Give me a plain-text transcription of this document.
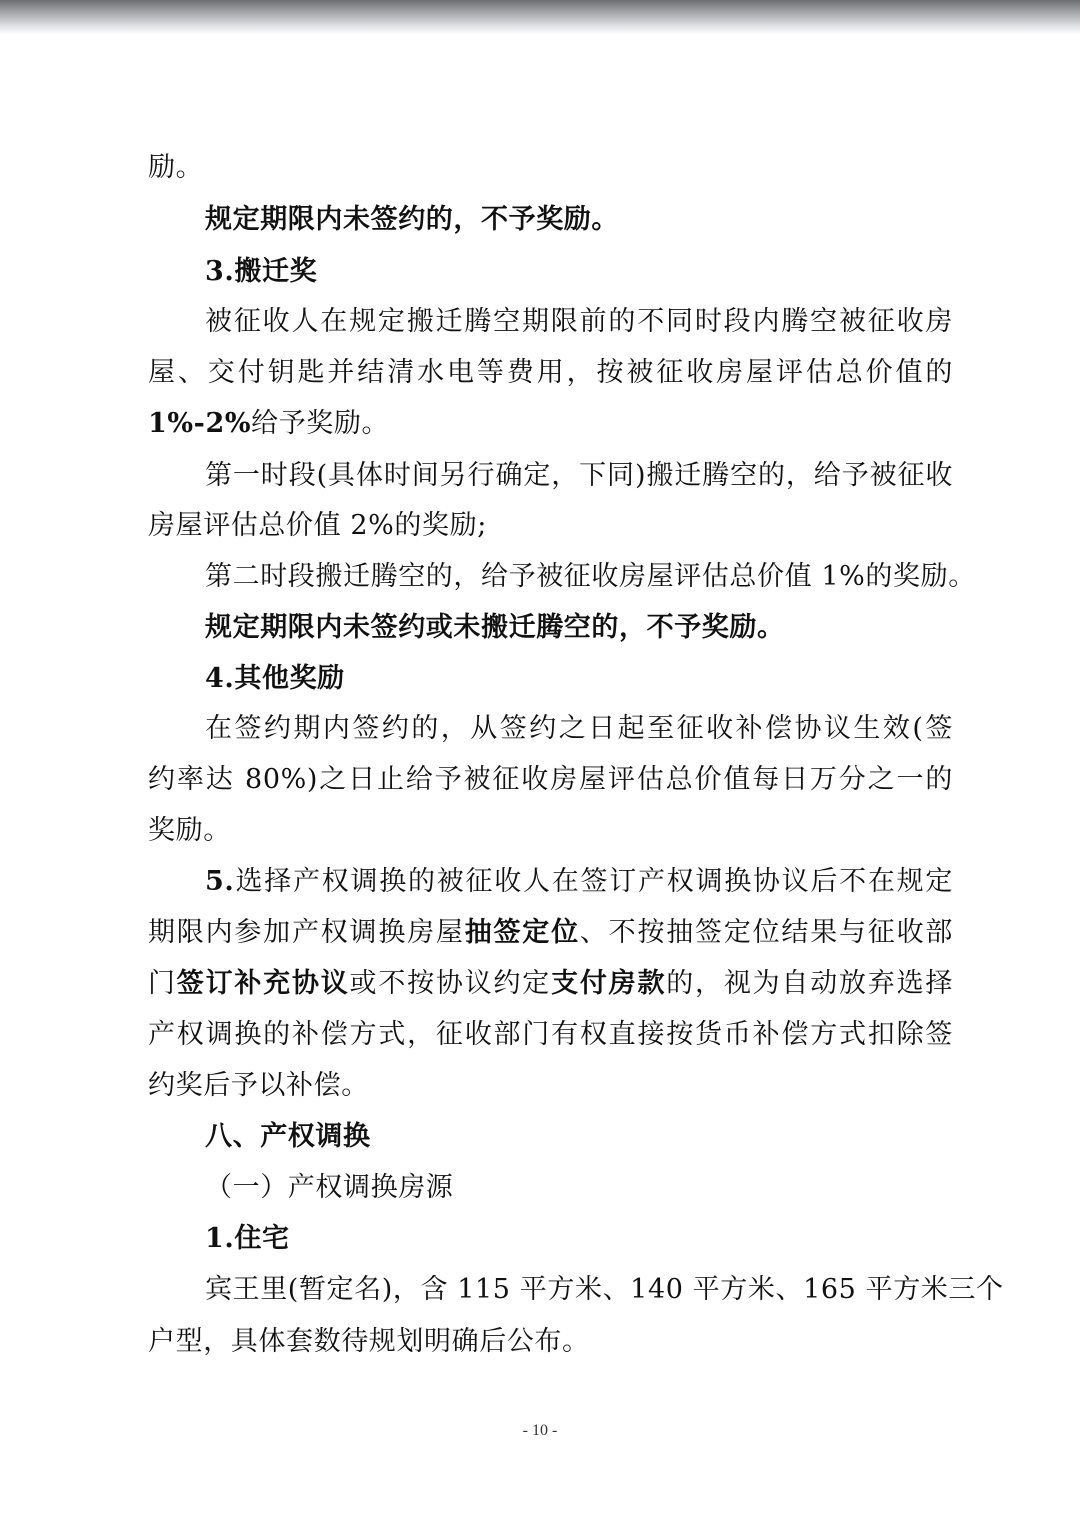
励。
规定期限内未签约的，不予奖励。
3.搬迁奖
被征收人在规定搬迁腾空期限前的不同时段内腾空被征收房
屋、交付钥匙并结清水电等费用，按被征收房屋评估总价值的
1%-2%给予奖励。
第一时段(具体时间另行确定，下同)搬迁腾空的，给予被征收
房屋评估总价值 2%的奖励;
第二时段搬迁腾空的，给予被征收房屋评估总价值 1%的奖励。
规定期限内未签约或未搬迁腾空的，不予奖励。
4.其他奖励
在签约期内签约的，从签约之日起至征收补偿协议生效(签
约率达 80%)之日止给予被征收房屋评估总价值每日万分之一的
奖励。
5.选择产权调换的被征收人在签订产权调换协议后不在规定
期限内参加产权调换房屋抽签定位、不按抽签定位结果与征收部
门签订补充协议或不按协议约定支付房款的，视为自动放弃选择
产权调换的补偿方式，征收部门有权直接按货币补偿方式扣除签
约奖后予以补偿。
八、产权调换
（一）产权调换房源
1.住宅
宾王里(暂定名)，含 115 平方米、140 平方米、165 平方米三个
户型，具体套数待规划明确后公布。
- 10 -
